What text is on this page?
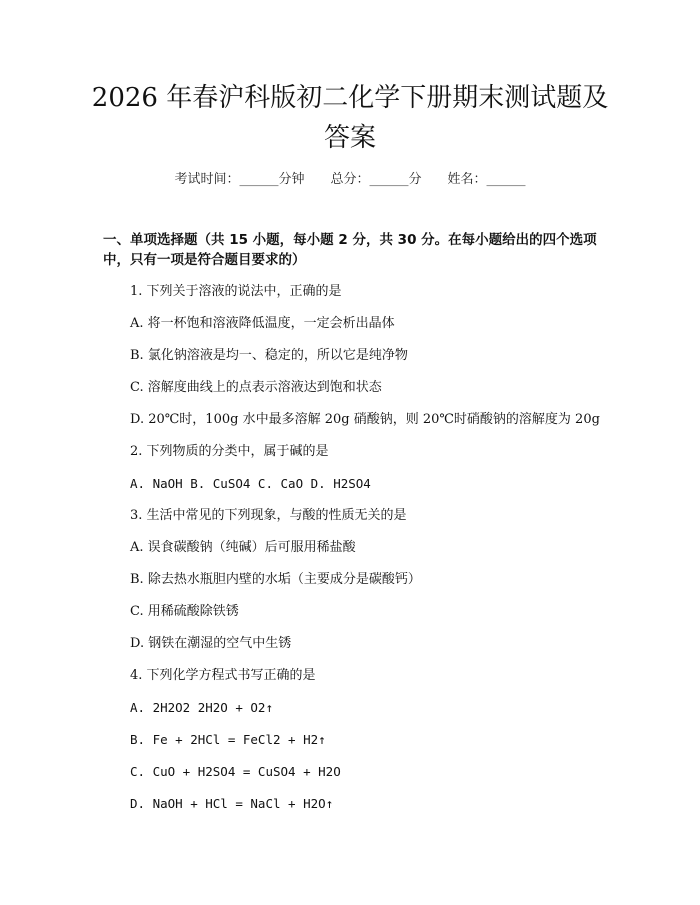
2026 年春沪科版初二化学下册期末测试题及
答案
考试时间：______分钟 总分：______分 姓名：______
一、单项选择题（共 15 小题，每小题 2 分，共 30 分。在每小题给出的四个选项中，只有一项是符合题目要求的）
1. 下列关于溶液的说法中，正确的是
A. 将一杯饱和溶液降低温度，一定会析出晶体
B. 氯化钠溶液是均一、稳定的，所以它是纯净物
C. 溶解度曲线上的点表示溶液达到饱和状态
D. 20℃时，100g 水中最多溶解 20g 硝酸钠，则 20℃时硝酸钠的溶解度为 20g
2. 下列物质的分类中，属于碱的是
A. NaOH B. CuSO4 C. CaO D. H2SO4
3. 生活中常见的下列现象，与酸的性质无关的是
A. 误食碳酸钠（纯碱）后可服用稀盐酸
B. 除去热水瓶胆内壁的水垢（主要成分是碳酸钙）
C. 用稀硫酸除铁锈
D. 钢铁在潮湿的空气中生锈
4. 下列化学方程式书写正确的是
A. 2H2O2 2H2O + O2↑
B. Fe + 2HCl = FeCl2 + H2↑
C. CuO + H2SO4 = CuSO4 + H2O
D. NaOH + HCl = NaCl + H2O↑
